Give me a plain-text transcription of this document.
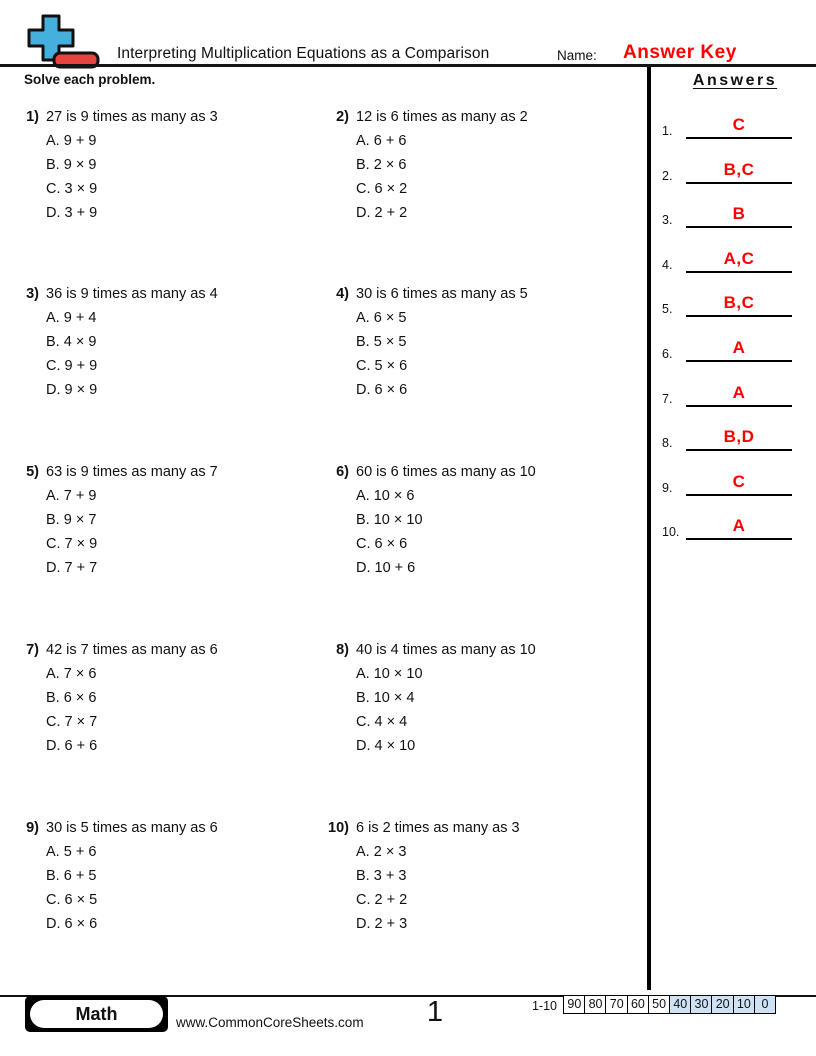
Interpreting Multiplication Equations as a Comparison	Name: Answer Key
Solve each problem.
1) 27 is 9 times as many as 3
A. 9 + 9
B. 9 × 9
C. 3 × 9
D. 3 + 9
2) 12 is 6 times as many as 2
A. 6 + 6
B. 2 × 6
C. 6 × 2
D. 2 + 2
3) 36 is 9 times as many as 4
A. 9 + 4
B. 4 × 9
C. 9 + 9
D. 9 × 9
4) 30 is 6 times as many as 5
A. 6 × 5
B. 5 × 5
C. 5 × 6
D. 6 × 6
5) 63 is 9 times as many as 7
A. 7 + 9
B. 9 × 7
C. 7 × 9
D. 7 + 7
6) 60 is 6 times as many as 10
A. 10 × 6
B. 10 × 10
C. 6 × 6
D. 10 + 6
7) 42 is 7 times as many as 6
A. 7 × 6
B. 6 × 6
C. 7 × 7
D. 6 + 6
8) 40 is 4 times as many as 10
A. 10 × 10
B. 10 × 4
C. 4 × 4
D. 4 × 10
9) 30 is 5 times as many as 6
A. 5 + 6
B. 6 + 5
C. 6 × 5
D. 6 × 6
10) 6 is 2 times as many as 3
A. 2 × 3
B. 3 + 3
C. 2 + 2
D. 2 + 3
Answers
1.	C
2.	B,C
3.	B
4.	A,C
5.	B,C
6.	A
7.	A
8.	B,D
9.	C
10.	A
Math	www.CommonCoreSheets.com	1	1-10 90 80 70 60 50 40 30 20 10 0
